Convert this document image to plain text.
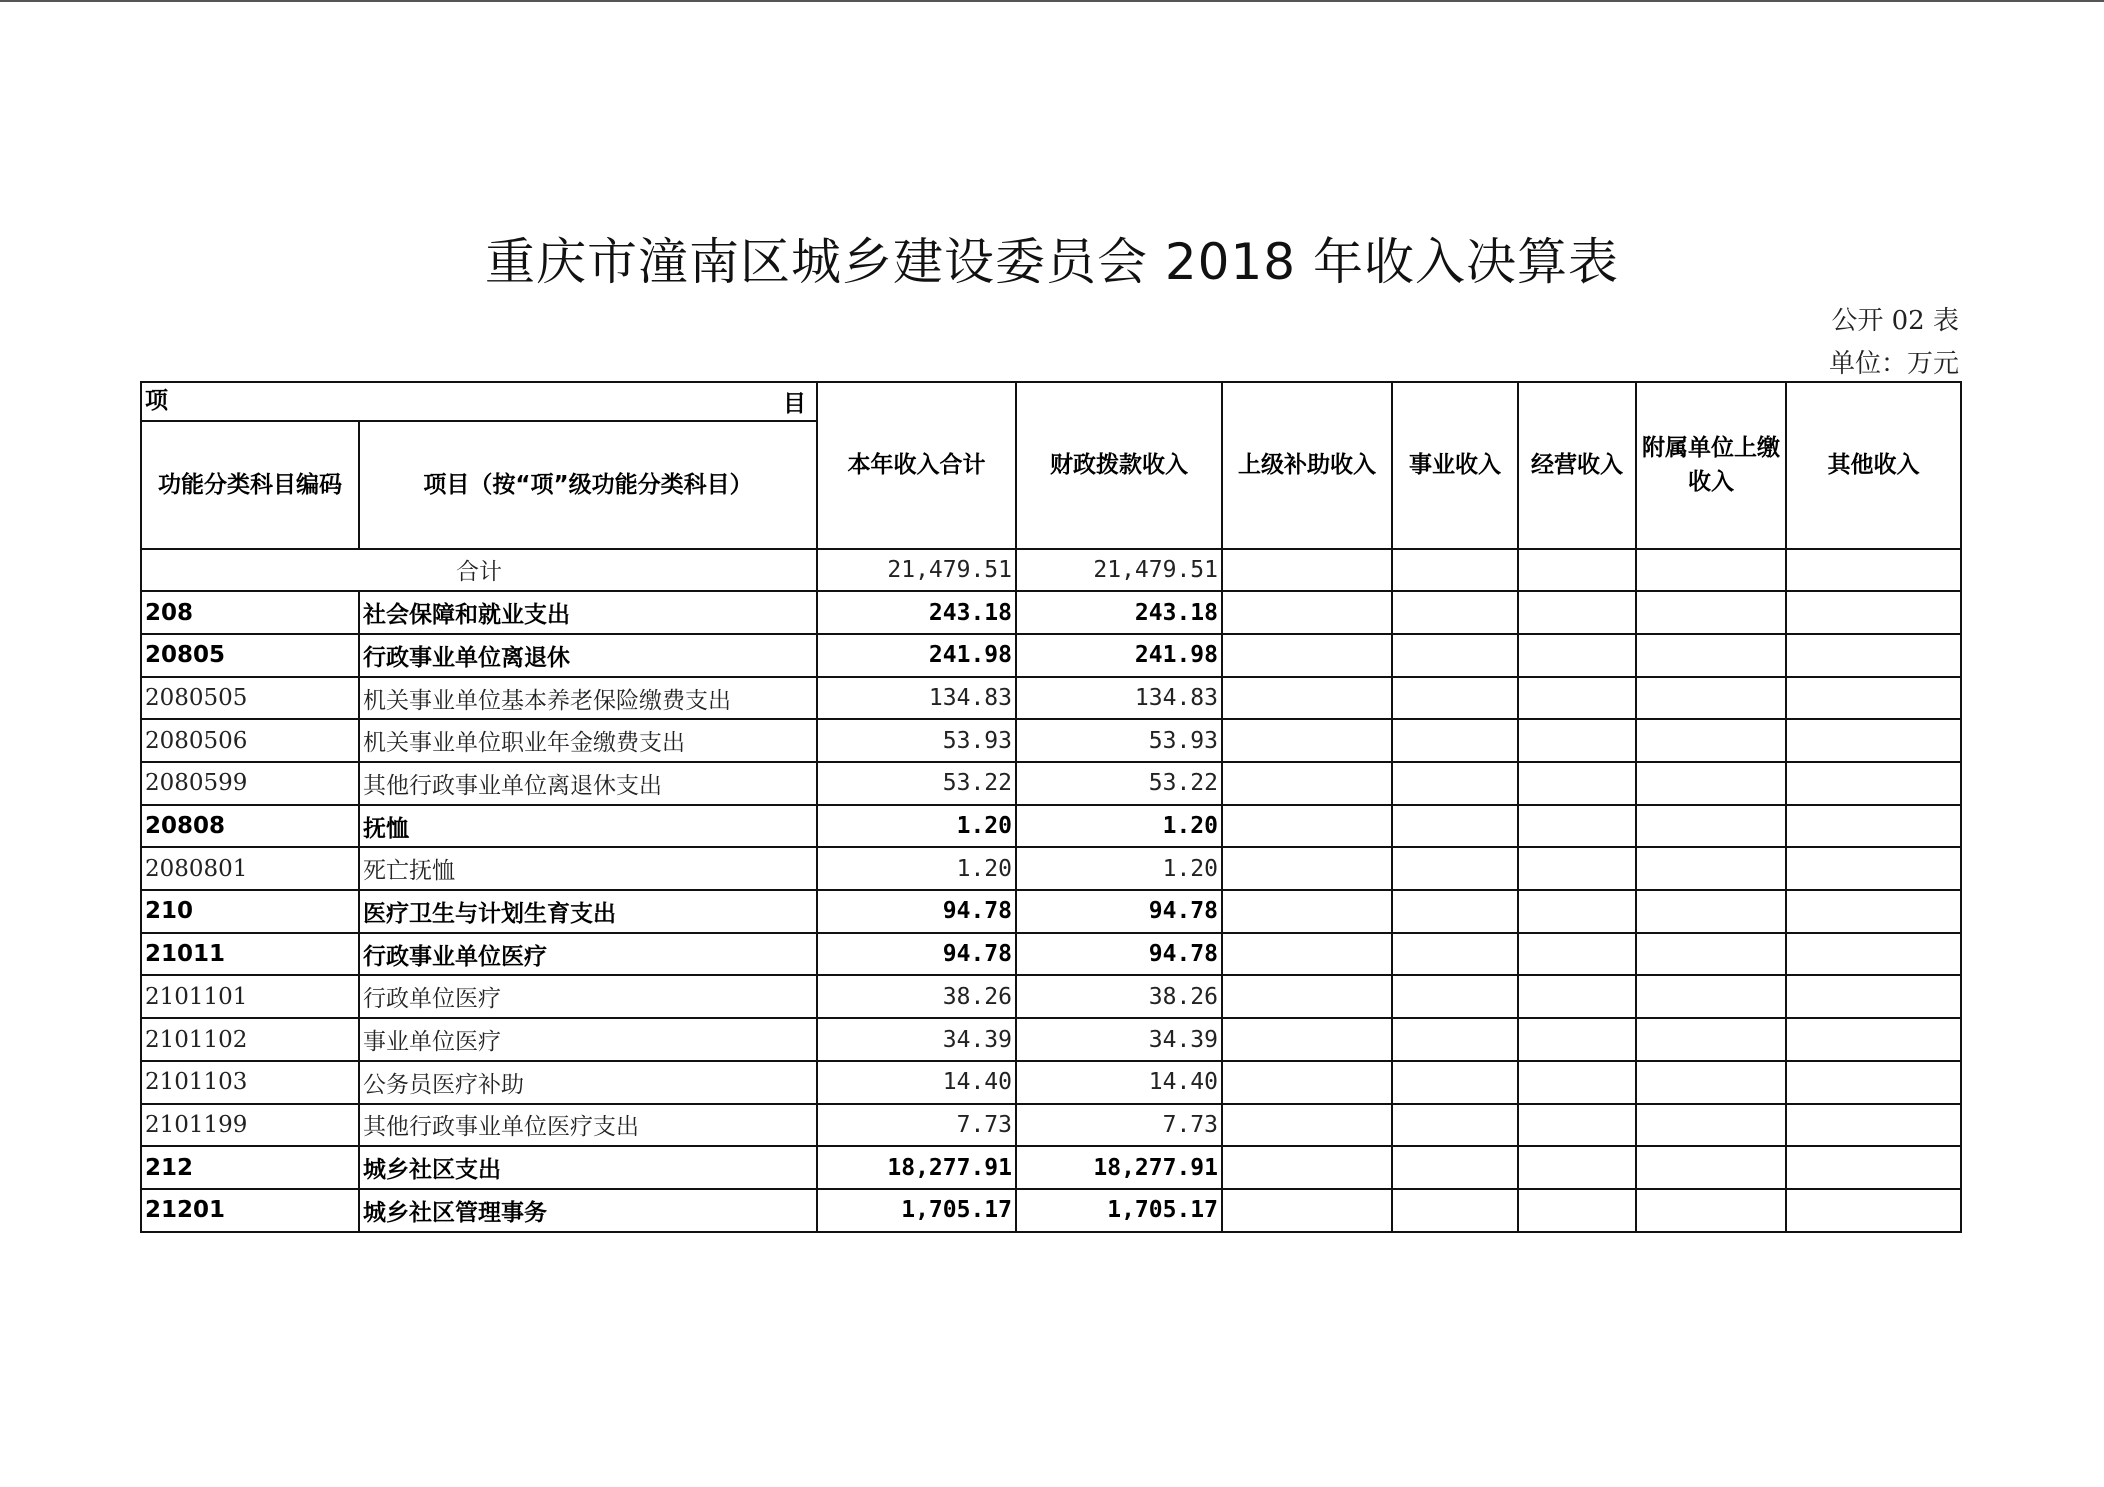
重庆市潼南区城乡建设委员会 2018 年收入决算表
公开 02 表
单位：万元
项 目		本年收入合计	财政拨款收入	上级补助收入	事业收入	经营收入	附属单位上缴收入	其他收入
功能分类科目编码	项目（按“项”级功能分类科目）							
合计		21,479.51	21,479.51					
208	社会保障和就业支出	243.18	243.18					
20805	行政事业单位离退休	241.98	241.98					
2080505	机关事业单位基本养老保险缴费支出	134.83	134.83					
2080506	机关事业单位职业年金缴费支出	53.93	53.93					
2080599	其他行政事业单位离退休支出	53.22	53.22					
20808	抚恤	1.20	1.20					
2080801	死亡抚恤	1.20	1.20					
210	医疗卫生与计划生育支出	94.78	94.78					
21011	行政事业单位医疗	94.78	94.78					
2101101	行政单位医疗	38.26	38.26					
2101102	事业单位医疗	34.39	34.39					
2101103	公务员医疗补助	14.40	14.40					
2101199	其他行政事业单位医疗支出	7.73	7.73					
212	城乡社区支出	18,277.91	18,277.91					
21201	城乡社区管理事务	1,705.17	1,705.17					
